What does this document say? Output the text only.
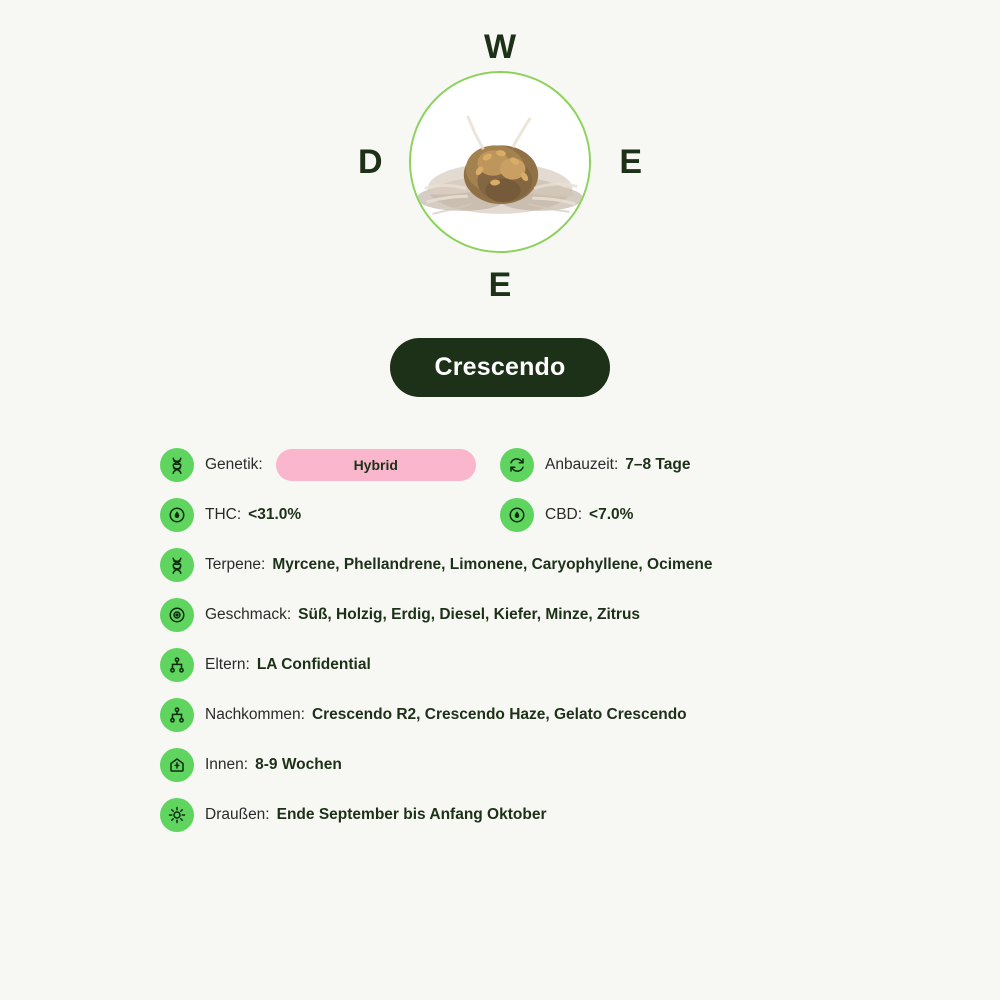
W
E
E
D
Crescendo
Genetik:	Hybrid	Anbauzeit: 7–8 Tage
THC: <31.0%	CBD: <7.0%
Terpene: Myrcene, Phellandrene, Limonene, Caryophyllene, Ocimene
Geschmack: Süß, Holzig, Erdig, Diesel, Kiefer, Minze, Zitrus
Eltern: LA Confidential
Nachkommen: Crescendo R2, Crescendo Haze, Gelato Crescendo
Innen: 8-9 Wochen
Draußen: Ende September bis Anfang Oktober
